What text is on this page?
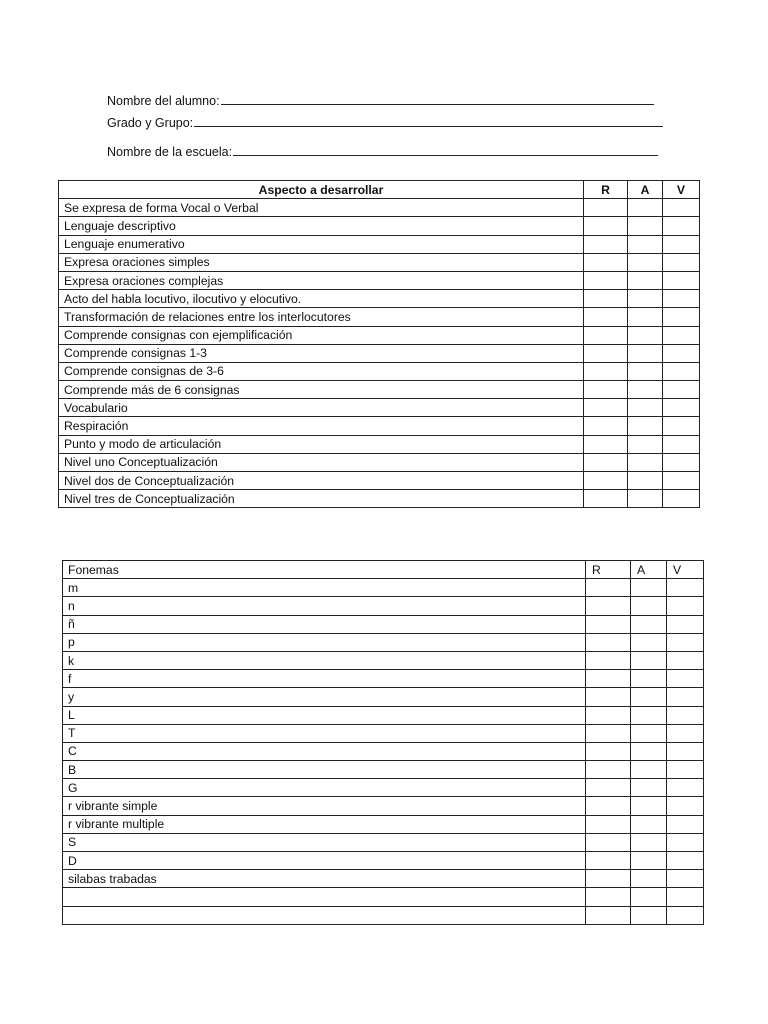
Nombre del alumno:
Grado y Grupo:
Nombre de la escuela:
Aspecto a desarrollar	R	A	V
Se expresa de forma Vocal o Verbal			
Lenguaje descriptivo			
Lenguaje enumerativo			
Expresa oraciones simples			
Expresa oraciones complejas			
Acto del habla locutivo, ilocutivo y elocutivo.			
Transformación de relaciones entre los interlocutores			
Comprende consignas con ejemplificación			
Comprende consignas 1-3			
Comprende consignas de 3-6			
Comprende más de 6 consignas			
Vocabulario			
Respiración			
Punto y modo de articulación			
Nivel uno Conceptualización			
Nivel dos de Conceptualización			
Nivel tres de Conceptualización			
Fonemas	R	A	V
m			
n			
ñ			
p			
k			
f			
y			
L			
T			
C			
B			
G			
r vibrante simple			
r vibrante multiple			
S			
D			
silabas trabadas			
